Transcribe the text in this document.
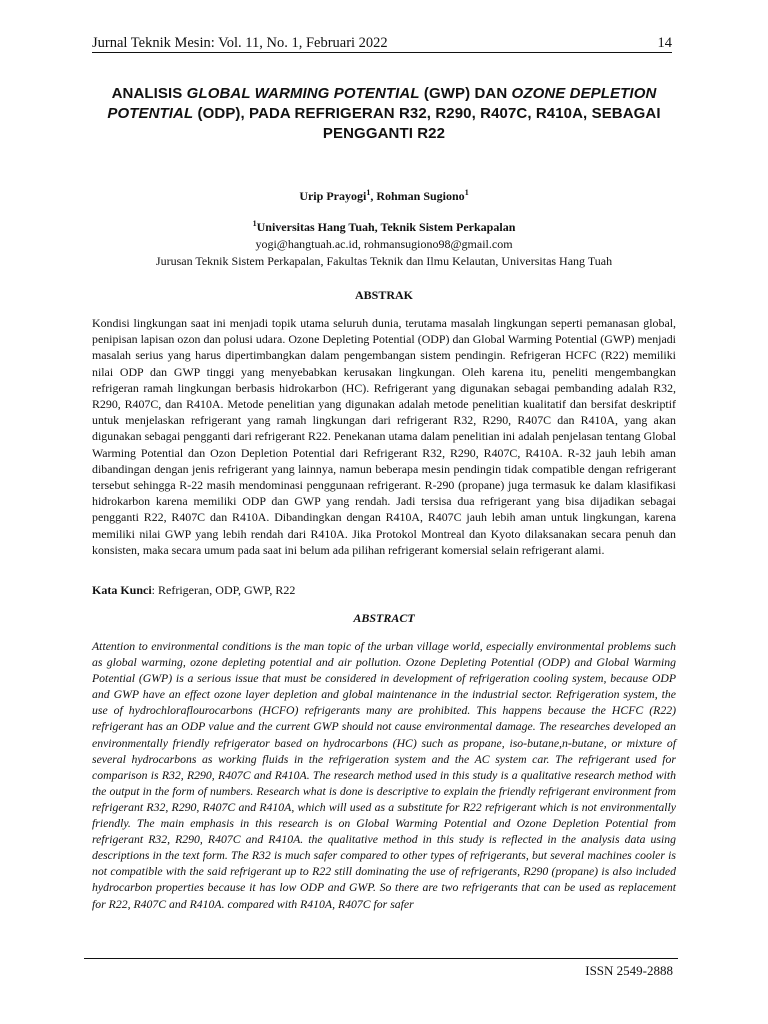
Jurnal Teknik Mesin: Vol. 11, No. 1, Februari 2022	14
ANALISIS GLOBAL WARMING POTENTIAL (GWP) DAN OZONE DEPLETION POTENTIAL (ODP), PADA REFRIGERAN R32, R290, R407C, R410A, SEBAGAI PENGGANTI R22
Urip Prayogi$^1$, Rohman Sugiono$^1$
$^1$Universitas Hang Tuah, Teknik Sistem Perkapalan
yogi@hangtuah.ac.id, rohmansugiono98@gmail.com
Jurusan Teknik Sistem Perkapalan, Fakultas Teknik dan Ilmu Kelautan, Universitas Hang Tuah
ABSTRAK

Kondisi lingkungan saat ini menjadi topik utama seluruh dunia, terutama masalah lingkungan seperti pemanasan global, penipisan lapisan ozon dan polusi udara. Ozone Depleting Potential (ODP) dan Global Warming Potential (GWP) menjadi masalah serius yang harus dipertimbangkan dalam pengembangan sistem pendingin. Refrigeran HCFC (R22) memiliki nilai ODP dan GWP tinggi yang menyebabkan kerusakan lingkungan. Oleh karena itu, peneliti mengembangkan refrigeran ramah lingkungan berbasis hidrokarbon (HC). Refrigerant yang digunakan sebagai pembanding adalah R32, R290, R407C, dan R410A. Metode penelitian yang digunakan adalah metode penelitian kualitatif dan bersifat deskriptif untuk menjelaskan refrigerant yang ramah lingkungan dari refrigerant R32, R290, R407C dan R410A, yang akan digunakan sebagai pengganti dari refrigerant R22. Penekanan utama dalam penelitian ini adalah penjelasan tentang Global Warming Potential dan Ozon Depletion Potential dari Refrigerant R32, R290, R407C, R410A. R-32 jauh lebih aman dibandingan dengan jenis refrigerant yang lainnya, namun beberapa mesin pendingin tidak compatible dengan refrigerant tersebut sehingga R-22 masih mendominasi penggunaan refrigerant. R-290 (propane) juga termasuk ke dalam klasifikasi hidrokarbon karena memiliki ODP dan GWP yang rendah. Jadi tersisa dua refrigerant yang bisa dijadikan sebagai pengganti R22, R407C dan R410A. Dibandingkan dengan R410A, R407C jauh lebih aman untuk lingkungan, karena memiliki nilai GWP yang lebih rendah dari R410A. Jika Protokol Montreal dan Kyoto dilaksanakan secara penuh dan konsisten, maka secara umum pada saat ini belum ada pilihan refrigerant komersial selain refrigerant alami.

Kata Kunci: Refrigeran, ODP, GWP, R22
ABSTRACT

Attention to environmental conditions is the man topic of the urban village world, especially environmental problems such as global warming, ozone depleting potential and air pollution. Ozone Depleting Potential (ODP) and Global Warming Potential (GWP) is a serious issue that must be considered in development of refrigeration cooling system, because ODP and GWP have an effect ozone layer depletion and global maintenance in the industrial sector. Refrigeration system, the use of hydrochloraflourocarbons (HCFO) refrigerants many are prohibited. This happens because the HCFC (R22) refrigerant has an ODP value and the current GWP should not cause environmental damage. The researches developed an environmentally friendly refrigerator based on hydrocarbons (HC) such as propane, iso-butane,n-butane, or mixture of several hydrocarbons as working fluids in the refrigeration system and the AC system car. The refrigerant used for comparison is R32, R290, R407C and R410A. The research method used in this study is a qualitative research method with the output in the form of numbers. Research what is done is descriptive to explain the friendly refrigerant environment from refrigerant R32, R290, R407C and R410A, which will used as a substitute for R22 refrigerant which is not environmentally friendly. The main emphasis in this research is on Global Warming Potential and Ozone Depletion Potential from refrigerant R32, R290, R407C and R410A. the qualitative method in this study is reflected in the analysis data using descriptions in the text form. The R32 is much safer compared to other types of refrigerants, but several machines cooler is not compatible with the said refrigerant up to R22 still dominating the use of refrigerants, R290 (propane) is also included hydrocarbon properties because it has low ODP and GWP. So there are two refrigerants that can be used as replacement for R22, R407C and R410A. compared with R410A, R407C for safer

ISSN 2549-2888
